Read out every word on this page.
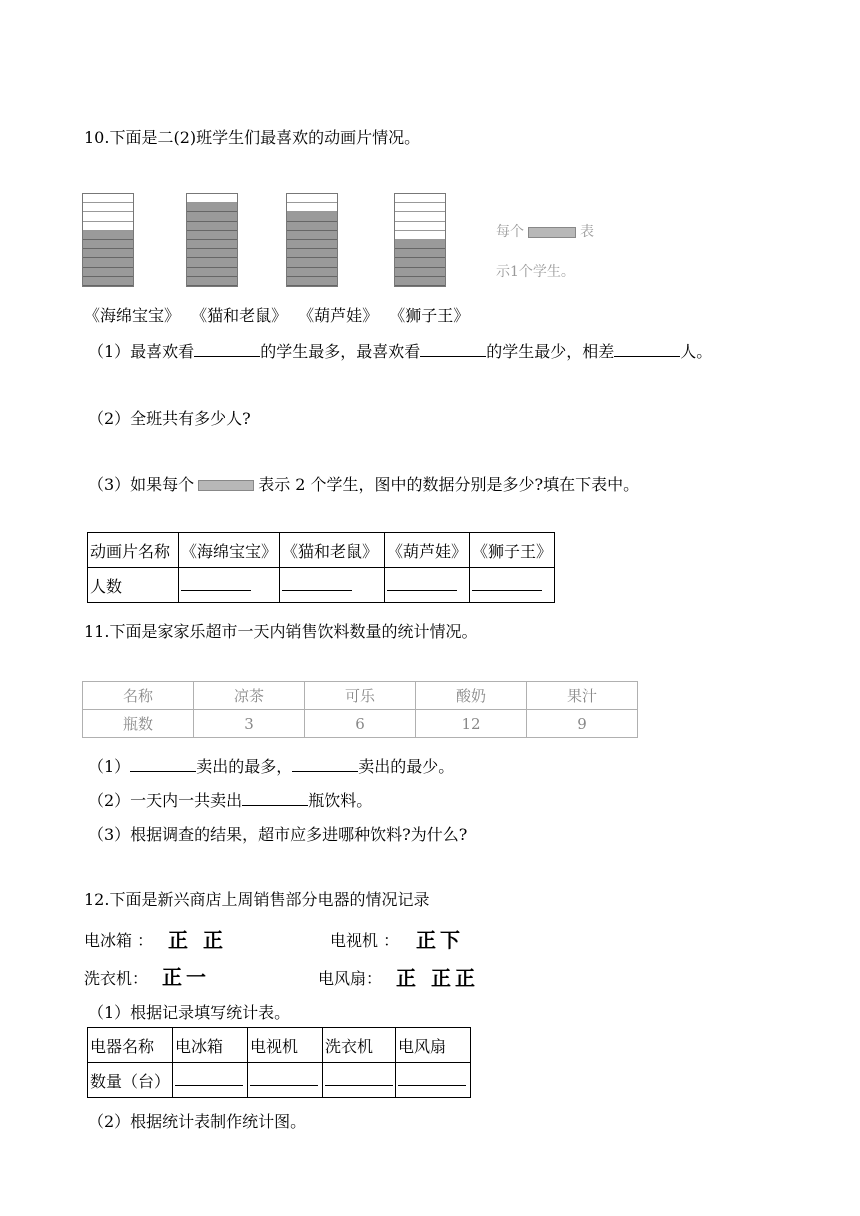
10.下面是二(2)班学生们最喜欢的动画片情况。
每个	表
示1个学生。
《海绵宝宝》 《猫和老鼠》 《葫芦娃》 《狮子王》
（1）最喜欢看	的学生最多，最喜欢看	的学生最少，相差	人。
（2）全班共有多少人?
（3）如果每个	表示 2 个学生，图中的数据分别是多少?填在下表中。
动画片名称	《海绵宝宝》	《猫和老鼠》	《葫芦娃》	《狮子王》
人数				
11.下面是家家乐超市一天内销售饮料数量的统计情况。
名称	凉茶	可乐	酸奶	果汁
瓶数	3	6	12	9
（1）	卖出的最多，	卖出的最少。
（2）一天内一共卖出	瓶饮料。
（3）根据调查的结果，超市应多进哪种饮料?为什么?
12.下面是新兴商店上周销售部分电器的情况记录
电冰箱 ： 正 正	电视机 ： 正下
洗衣机： 正一	电风扇： 正 正正
（1）根据记录填写统计表。
电器名称	电冰箱	电视机	洗衣机	电风扇
数量（台）				
（2）根据统计表制作统计图。
